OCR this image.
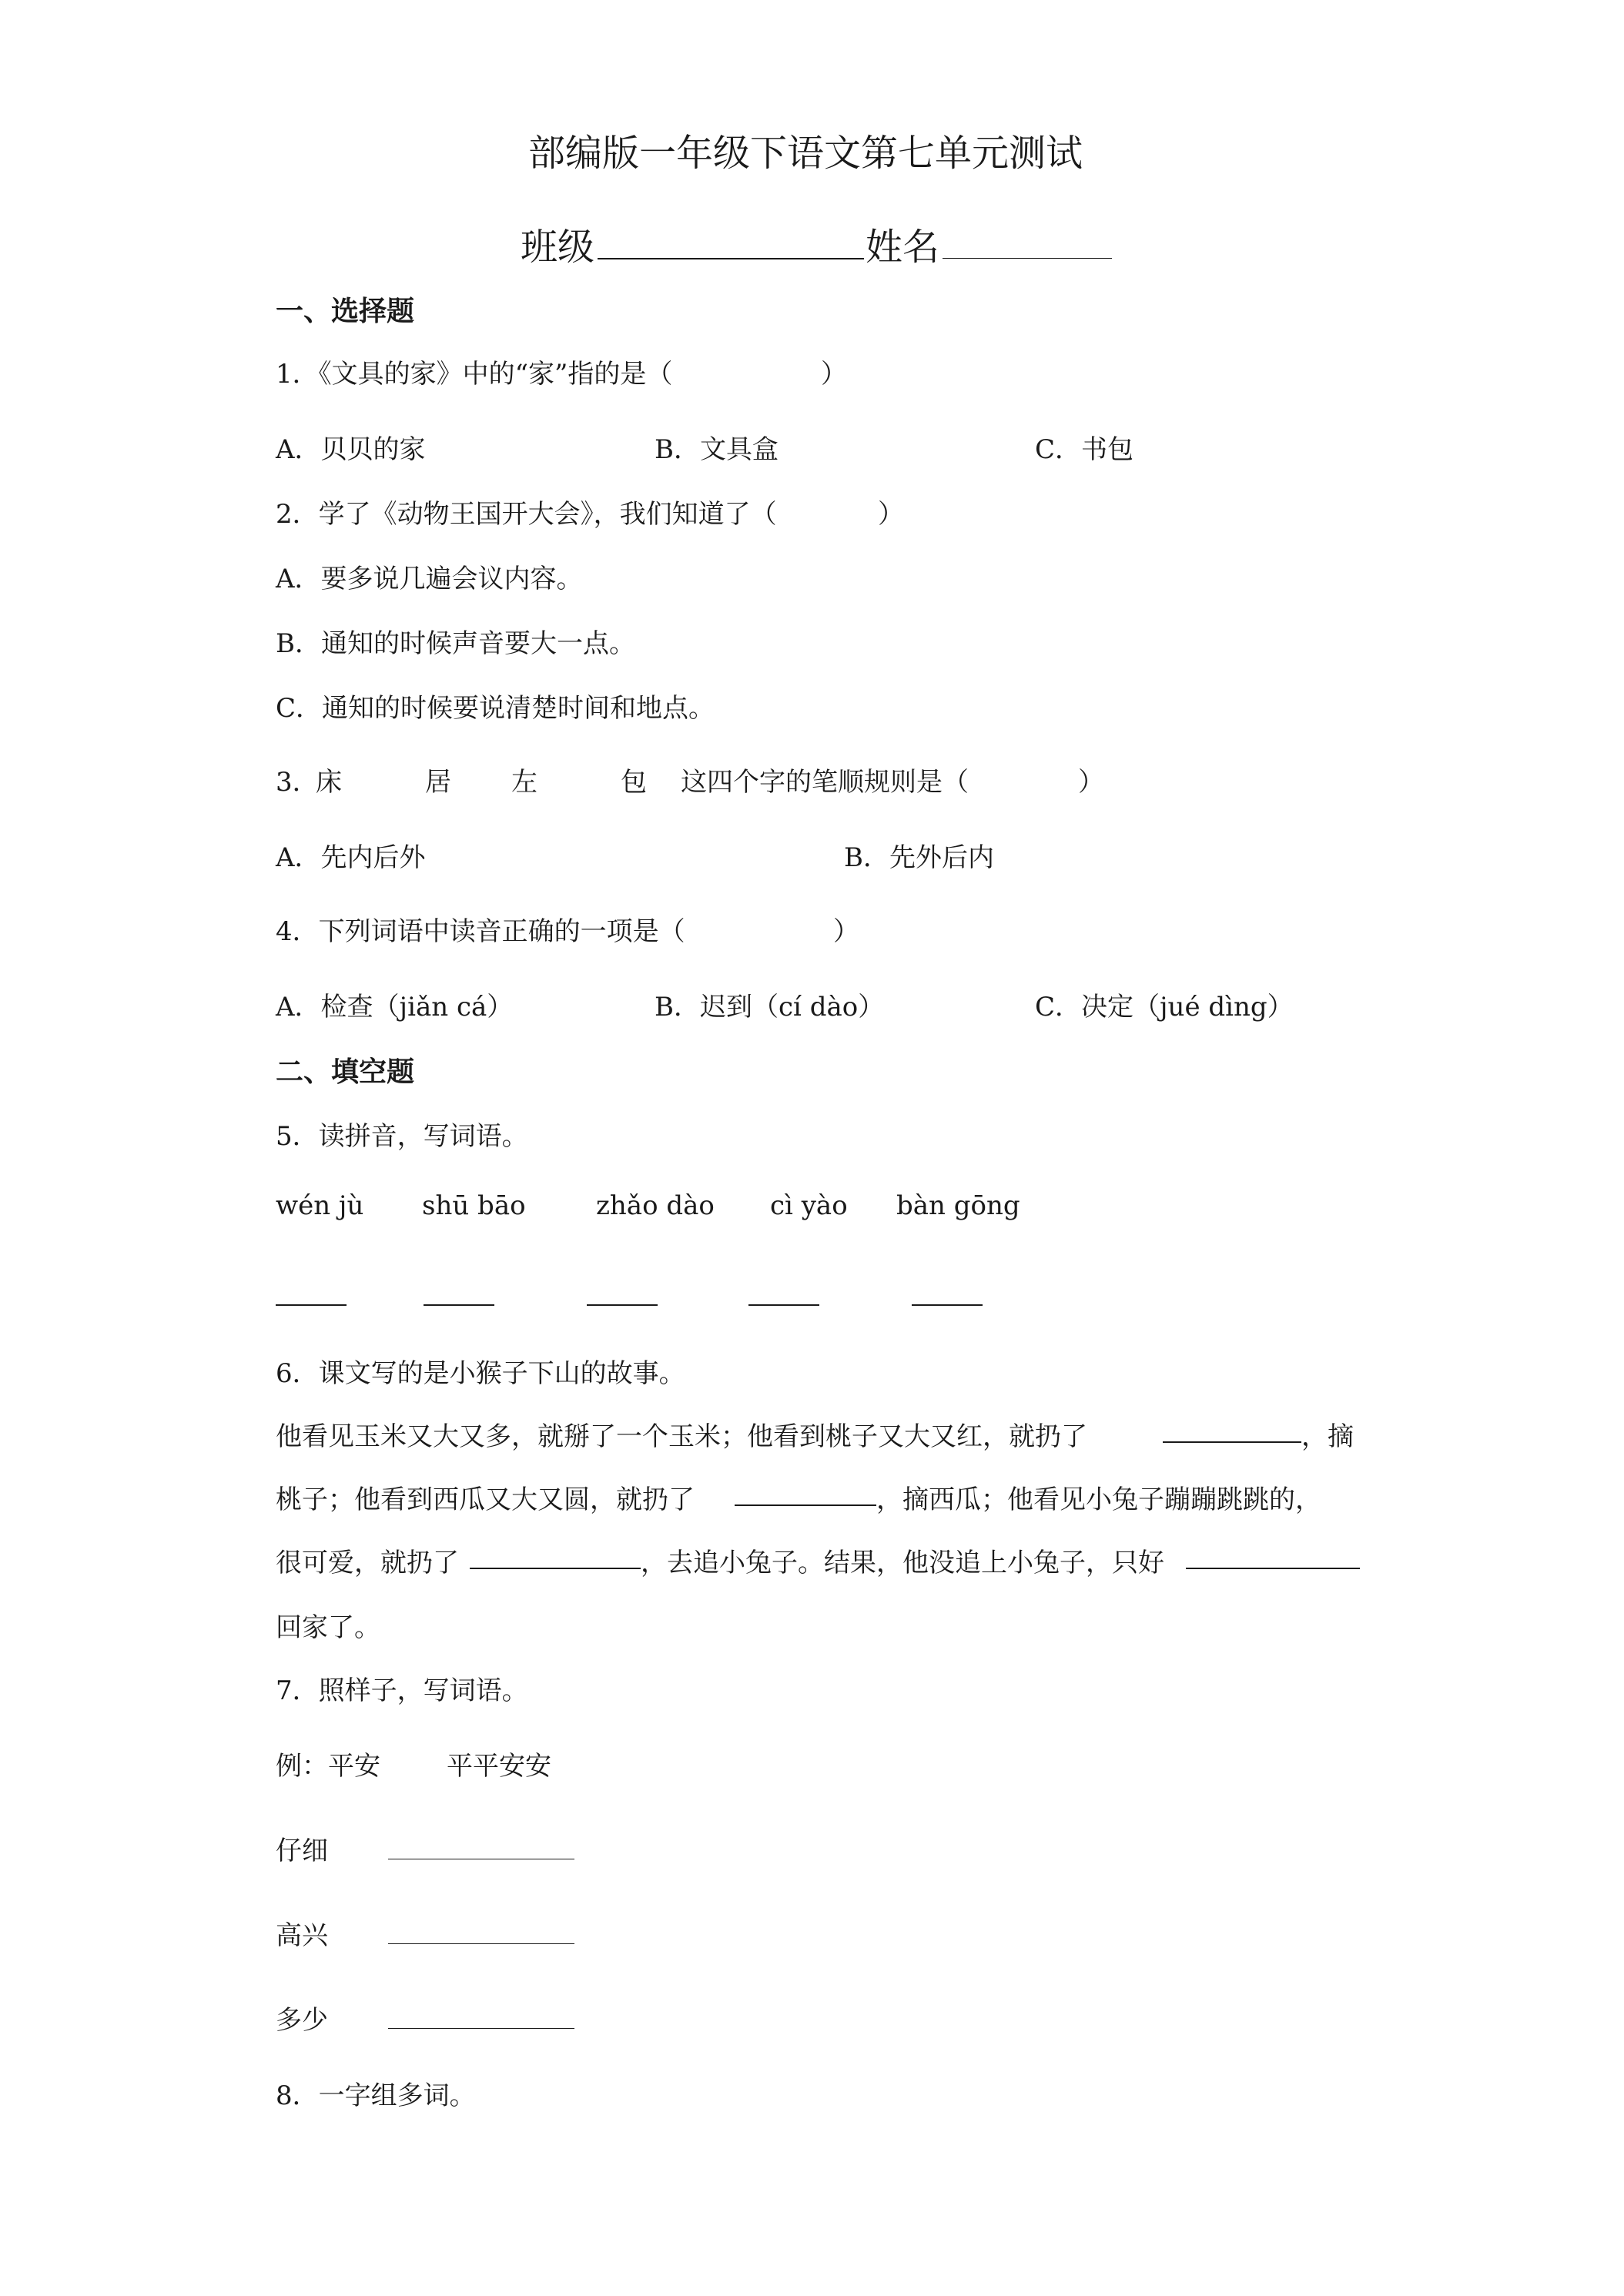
部编版一年级下语文第七单元测试
班级	姓名
一、选择题
1．《文具的家》中的“家”指的是（	）
A．贝贝的家	B．文具盒	C．书包
2．学了《动物王国开大会》，我们知道了（	）
A．要多说几遍会议内容。
B．通知的时候声音要大一点。
C．通知的时候要说清楚时间和地点。
3．
床	居 左	包 这四个字的笔顺规则是（	）
A．先内后外	B．先外后内
4．下列词语中读音正确的一项是（	）
A．检查（jiǎn cá）	B．迟到（cí dào）	C．决定（jué dìng）
二、填空题
5．读拼音，写词语。
wén jù shū bāo	zhǎo dào cì yào bàn gōng
6．课文写的是小猴子下山的故事。
他看见玉米又大又多，就掰了一个玉米；他看到桃子又大又红，就扔了	，摘
桃子；他看到西瓜又大又圆，就扔了	，摘西瓜；他看见小兔子蹦蹦跳跳的，
很可爱，就扔了	，去追小兔子。结果，他没追上小兔子，只好
回家了。
7．照样子，写词语。
例：平安	平平安安
仔细
高兴
多少
8．一字组多词。
